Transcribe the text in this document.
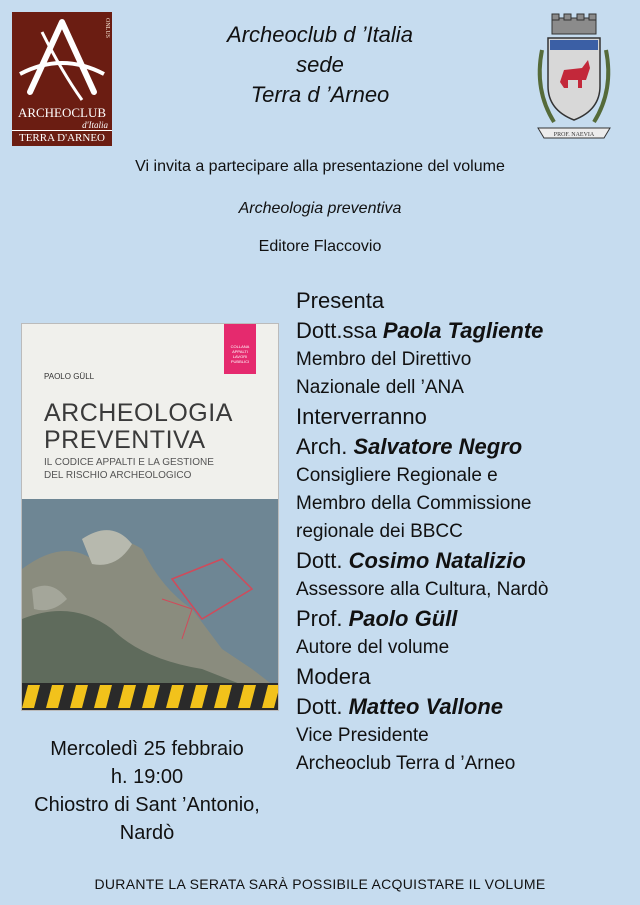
ONLUS
ARCHEOCLUB
d'Italia
TERRA D'ARNEO
Archeoclub d ’Italia
sede
Terra d ’Arneo
PROF. NAEVIA
Vi invita a partecipare alla presentazione del volume
Archeologia preventiva
Editore Flaccovio
COLLANA APPALTI LAVORI PUBBLICI
PAOLO GÜLL
ARCHEOLOGIA
PREVENTIVA
IL CODICE APPALTI E LA GESTIONE
DEL RISCHIO ARCHEOLOGICO
Presenta
Dott.ssa Paola Tagliente
Membro del Direttivo
Nazionale dell ’ANA
Interverranno
Arch. Salvatore Negro
Consigliere Regionale e
Membro della Commissione
regionale dei BBCC
Dott. Cosimo Natalizio
Assessore alla Cultura, Nardò
Prof. Paolo Güll
Autore del volume
Modera
Dott. Matteo Vallone
Vice Presidente
Archeoclub Terra d ’Arneo
Mercoledì 25 febbraio
h. 19:00
Chiostro di Sant ’Antonio,
Nardò
DURANTE LA SERATA SARÀ POSSIBILE ACQUISTARE IL VOLUME
